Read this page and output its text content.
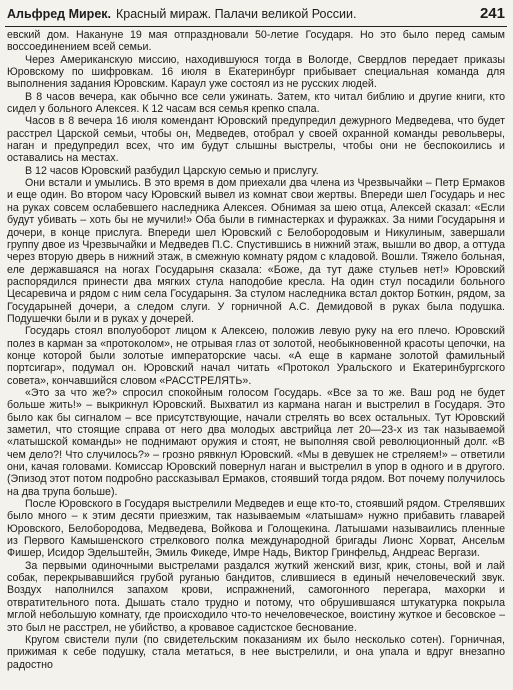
Альфред Мирек. Красный мираж. Палачи великой России.	241

евский дом. Накануне 19 мая отпраздновали 50-летие Государя. Но это было перед самым воссоединением всей семьи.

Через Американскую миссию, находившуюся тогда в Вологде, Свердлов передает приказы Юровскому по шифровкам. 16 июля в Екатеринбург прибывает специальная команда для выполнения задания Юровским. Караул уже состоял из не русских людей.

В 8 часов вечера, как обычно все сели ужинать. Затем, кто читал библию и другие книги, кто сидел у больного Алексея. К 12 часам вся семья крепко спала.

Часов в 8 вечера 16 июля комендант Юровский предупредил дежурного Медведева, что будет расстрел Царской семьи, чтобы он, Медведев, отобрал у своей охранной команды револьверы, наган и предупредил всех, что им будут слышны выстрелы, чтобы они не беспокоились и оставались на местах.

В 12 часов Юровский разбудил Царскую семью и прислугу.

Они встали и умылись. В это время в дом приехали два члена из Чрезвычайки – Петр Ермаков и еще один. Во втором часу Юровский вывел из комнат свои жертвы. Впереди шел Государь и нес на руках совсем ослабевшего наследника Алексея. Обнимая за шею отца, Алексей сказал: «Если будут убивать – хоть бы не мучили!» Оба были в гимнастерках и фуражках. За ними Государыня и дочери, в конце прислуга. Впереди шел Юровский с Белобородовым и Никулиным, завершали группу двое из Чрезвычайки и Медведев П.С. Спустившись в нижний этаж, вышли во двор, а оттуда через вторую дверь в нижний этаж, в смежную комнату рядом с кладовой. Вошли. Тяжело больная, еле державшаяся на ногах Государыня сказала: «Боже, да тут даже стульев нет!» Юровский распорядился принести два мягких стула наподобие кресла. На один стул посадили больного Цесаревича и рядом с ним села Государыня. За стулом наследника встал доктор Боткин, рядом, за Государыней дочери, а следом слуги. У горничной А.С. Демидовой в руках была подушка. Подушечки были и в руках у дочерей.

Государь стоял вполуоборот лицом к Алексею, положив левую руку на его плечо. Юровский полез в карман за «протоколом», не отрывая глаз от золотой, необыкновенной красоты цепочки, на конце которой были золотые императорские часы. «А еще в кармане золотой фамильный портсигар», подумал он. Юровский начал читать «Протокол Уральского и Екатеринбургского совета», кончавшийся словом «РАССТРЕЛЯТЬ».

«Это за что же?» спросил спокойным голосом Государь. «Все за то же. Ваш род не будет больше жить!» – выкрикнул Юровский. Выхватил из кармана наган и выстрелил в Государя. Это было как бы сигналом – все присутствующие, начали стрелять во всех остальных. Тут Юровский заметил, что стоящие справа от него два молодых австрийца лет 20—23-х из так называемой «латышской команды» не поднимают оружия и стоят, не выполняя свой революционный долг. «В чем дело?! Что случилось?» – грозно рявкнул Юровский. «Мы в девушек не стреляем!» – ответили они, качая головами. Комиссар Юровский повернул наган и выстрелил в упор в одного и в другого. (Эпизод этот потом подробно рассказывал Ермаков, стоявший тогда рядом. Вот почему получилось на два трупа больше).

После Юровского в Государя выстрелили Медведев и еще кто-то, стоявший рядом. Стрелявших было много – к этим десяти приезжим, так называемым «латышам» нужно прибавить главарей Юровского, Белобородова, Медведева, Войкова и Голощекина. Латышами называились пленные из Первого Камышенского стрелкового полка международной бригады Лионс Хорват, Ансельм Фишер, Исидор Эдельштейн, Эмиль Фикеде, Имре Надь, Виктор Гринфельд, Андреас Вергази.

За первыми одиночными выстрелами раздался жуткий женский визг, крик, стоны, вой и лай собак, перекрывавшийся грубой руганью бандитов, слившиеся в единый нечеловеческий звук. Воздух наполнился запахом крови, испражнений, самогонного перегара, махорки и отвратительного пота. Дышать стало трудно и потому, что обрушившаяся штукатурка покрыла мглой небольшую комнату, где происходило что-то нечеловеческое, воистину жуткое и бесовское – это был не расстрел, не убийство, а кровавое садистское беснование.

Кругом свистели пули (по свидетельским показаниям их было несколько сотен). Горничная, прижимая к себе подушку, стала метаться, в нее выстрелили, и она упала и вдруг внезапно радостно
